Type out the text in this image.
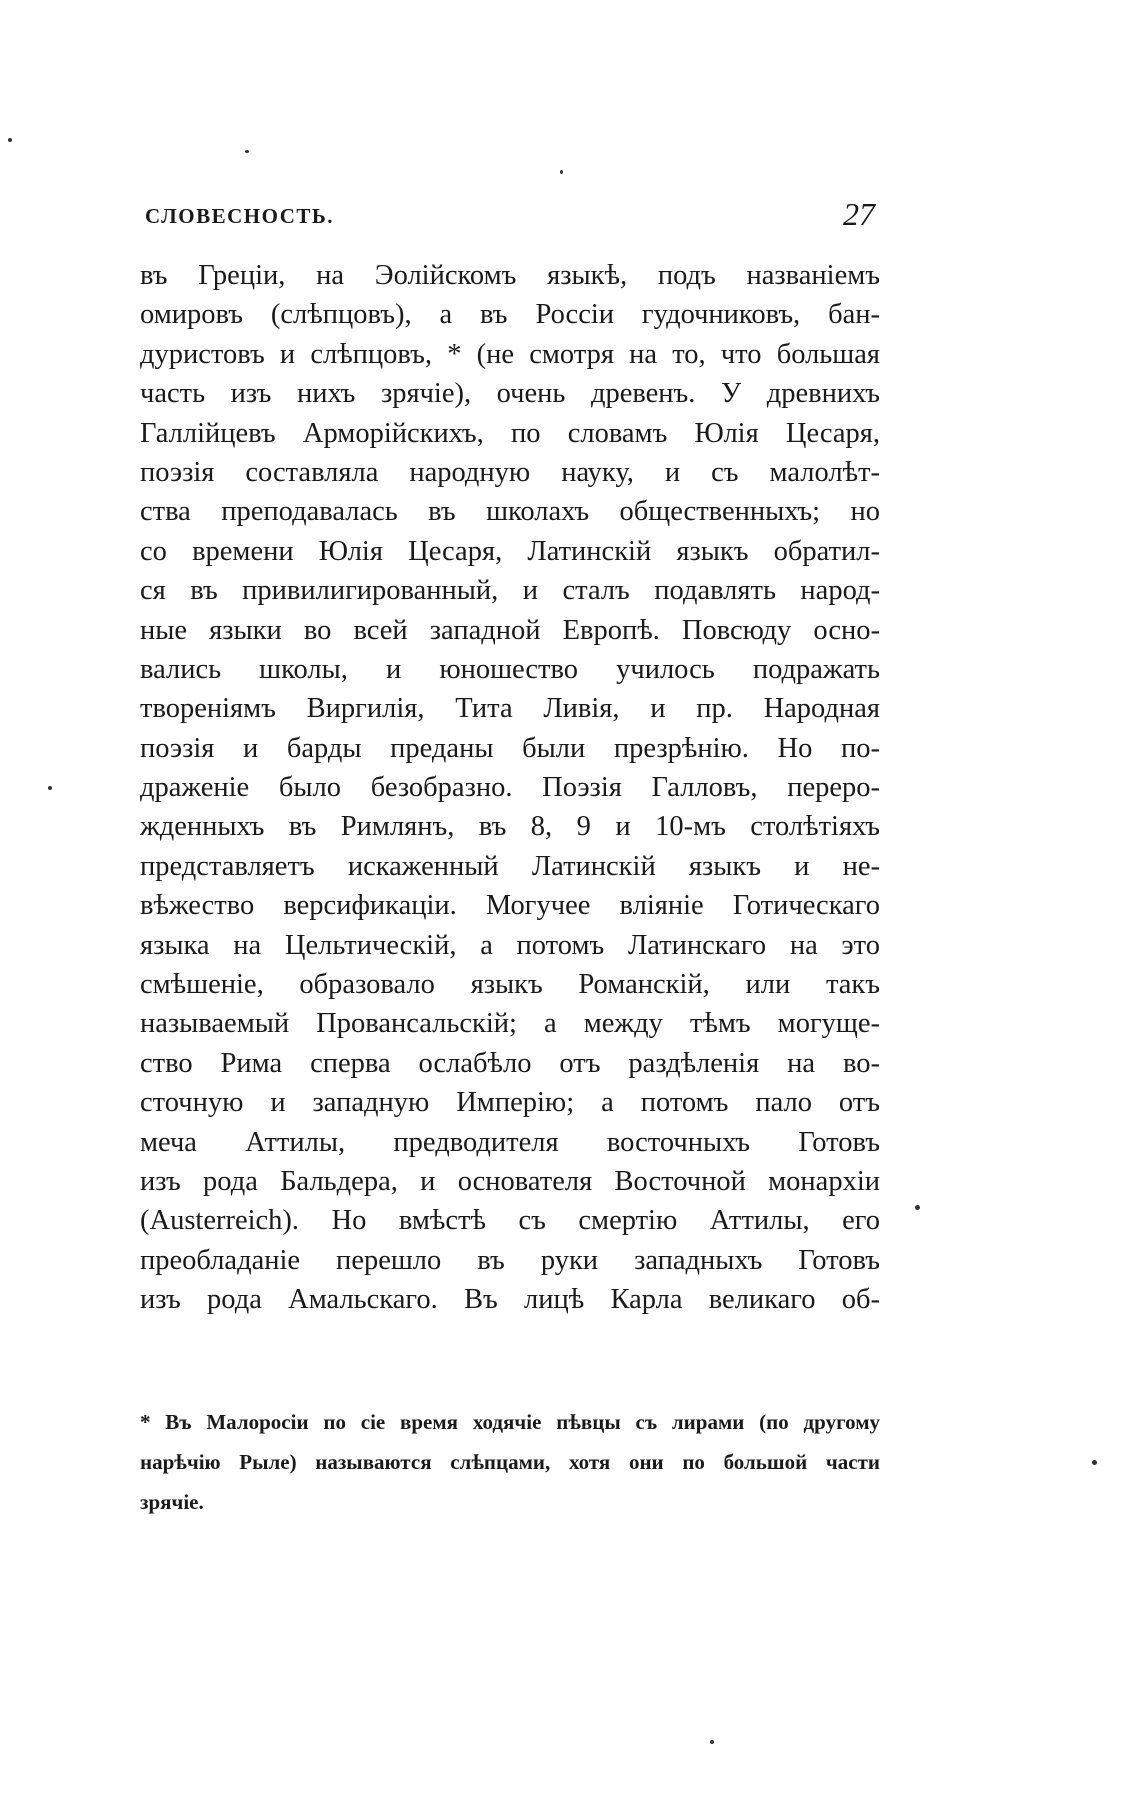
СЛОВЕСНОСТЬ.	27
въ Греціи, на Эолійскомъ языкѣ, подъ названіемъ
омировъ (слѣпцовъ), а въ Россіи гудочниковъ, бан-
дуристовъ и слѣпцовъ, * (не смотря на то, что большая
часть изъ нихъ зрячіе), очень древенъ. У древнихъ
Галлійцевъ Арморійскихъ, по словамъ Юлія Цесаря,
поэзія составляла народную науку, и съ малолѣт-
ства преподавалась въ школахъ общественныхъ; но
со времени Юлія Цесаря, Латинскій языкъ обратил-
ся въ привилигированный, и сталъ подавлять народ-
ные языки во всей западной Европѣ. Повсюду осно-
вались школы, и юношество училось подражать
твореніямъ Виргилія, Тита Ливія, и пр. Народная
поэзія и барды преданы были презрѣнію. Но по-
драженіе было безобразно. Поэзія Галловъ, переро-
жденныхъ въ Римлянъ, въ 8, 9 и 10-мъ столѣтіяхъ
представляетъ искаженный Латинскій языкъ и не-
вѣжество версификаціи. Могучее вліяніе Готическаго
языка на Цельтическій, а потомъ Латинскаго на это
смѣшеніе, образовало языкъ Романскій, или такъ
называемый Провансальскій; а между тѣмъ могуще-
ство Рима сперва ослабѣло отъ раздѣленія на во-
сточную и западную Имперію; а потомъ пало отъ
меча Аттилы, предводителя восточныхъ Готовъ
изъ рода Бальдера, и основателя Восточной монархіи
(Austerreich). Но вмѣстѣ съ смертію Аттилы, его
преобладаніе перешло въ руки западныхъ Готовъ
изъ рода Амальскаго. Въ лицѣ Карла великаго об-
* Въ Малоросіи по сіе время ходячіе пѣвцы съ лирами (по другому
нарѣчію Рыле) называются слѣпцами, хотя они по большой части
зрячіе.
